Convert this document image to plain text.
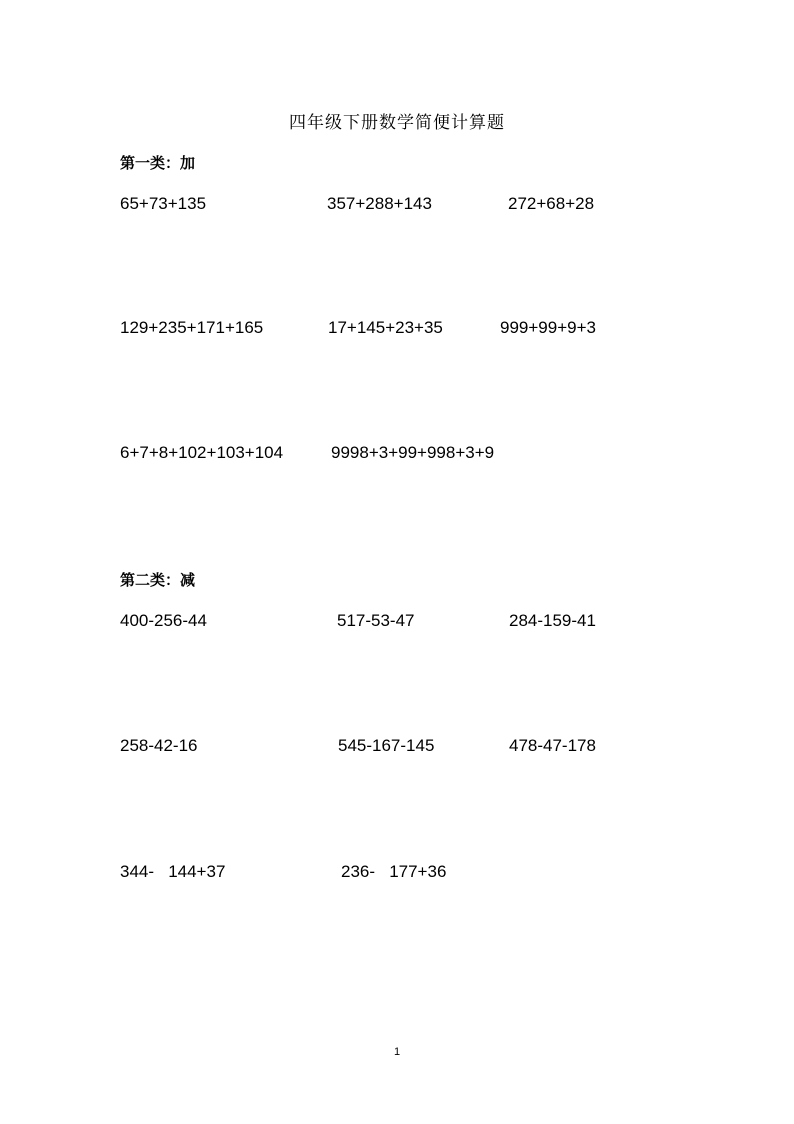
四年级下册数学简便计算题
第一类：加
65+73+135	357+288+143	272+68+28
129+235+171+165	17+145+23+35	999+99+9+3
6+7+8+102+103+104	9998+3+99+998+3+9
第二类：减
400-256-44	517-53-47	284-159-41
258-42-16	545-167-145	478-47-178
344-   144+37	236-   177+36
1
